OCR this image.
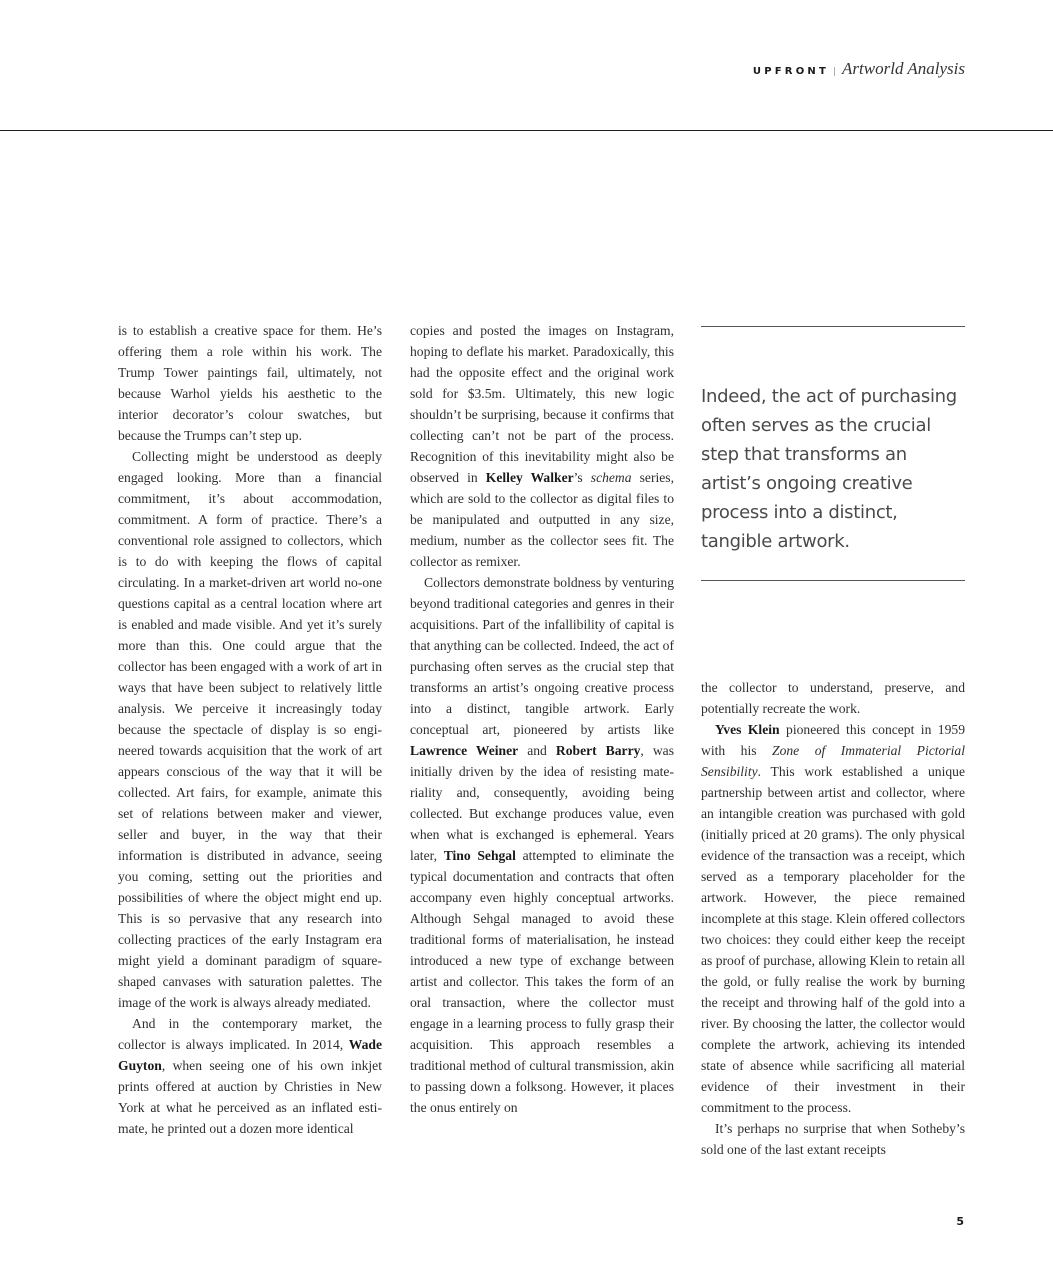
UPFRONT | Artworld Analysis

is to establish a creative space for them. He’s offering them a role within his work. The Trump Tower paintings fail, ultimately, not because Warhol yields his aesthetic to the interior decorator’s colour swatches, but because the Trumps can’t step up.

Collecting might be understood as deeply engaged looking. More than a financial commitment, it’s about accommodation, commitment. A form of practice. There’s a conventional role assigned to collectors, which is to do with keeping the flows of capital circulating. In a market-driven art world no-one questions capital as a central location where art is enabled and made visible. And yet it’s surely more than this. One could argue that the collector has been engaged with a work of art in ways that have been subject to relatively little analysis. We perceive it increasingly today because the spectacle of display is so engineered towards acquisition that the work of art appears conscious of the way that it will be collected. Art fairs, for example, animate this set of relations between maker and viewer, seller and buyer, in the way that their information is distributed in advance, seeing you coming, setting out the priorities and possibilities of where the object might end up. This is so pervasive that any research into collecting practices of the early Instagram era might yield a dominant paradigm of square-shaped canvases with saturation palettes. The image of the work is always already mediated.

And in the contemporary market, the collector is always implicated. In 2014, Wade Guyton, when seeing one of his own inkjet prints offered at auction by Christies in New York at what he perceived as an inflated estimate, he printed out a dozen more identical

copies and posted the images on Instagram, hoping to deflate his market. Paradoxically, this had the opposite effect and the original work sold for $3.5m. Ultimately, this new logic shouldn’t be surprising, because it confirms that collecting can’t not be part of the process. Recognition of this inevitability might also be observed in Kelley Walker’s schema series, which are sold to the collector as digital files to be manipulated and outputted in any size, medium, number as the collector sees fit. The collector as remixer.

Collectors demonstrate boldness by venturing beyond traditional categories and genres in their acquisitions. Part of the infallibility of capital is that anything can be collected. Indeed, the act of purchasing often serves as the crucial step that transforms an artist’s ongoing creative process into a distinct, tangible artwork. Early conceptual art, pioneered by artists like Lawrence Weiner and Robert Barry, was initially driven by the idea of resisting materiality and, consequently, avoiding being collected. But exchange produces value, even when what is exchanged is ephemeral. Years later, Tino Sehgal attempted to eliminate the typical documentation and contracts that often accompany even highly conceptual artworks. Although Sehgal managed to avoid these traditional forms of materialisation, he instead introduced a new type of exchange between artist and collector. This takes the form of an oral transaction, where the collector must engage in a learning process to fully grasp their acquisition. This approach resembles a traditional method of cultural transmission, akin to passing down a folksong. However, it places the onus entirely on

Indeed, the act of purchasing often serves as the crucial step that transforms an artist’s ongoing creative process into a distinct, tangible artwork.

the collector to understand, preserve, and potentially recreate the work.

Yves Klein pioneered this concept in 1959 with his Zone of Immaterial Pictorial Sensibility. This work established a unique partnership between artist and collector, where an intangible creation was purchased with gold (initially priced at 20 grams). The only physical evidence of the transaction was a receipt, which served as a temporary placeholder for the artwork. However, the piece remained incomplete at this stage. Klein offered collectors two choices: they could either keep the receipt as proof of purchase, allowing Klein to retain all the gold, or fully realise the work by burning the receipt and throwing half of the gold into a river. By choosing the latter, the collector would complete the artwork, achieving its intended state of absence while sacrificing all material evidence of their investment in their commitment to the process.

It’s perhaps no surprise that when Sotheby’s sold one of the last extant receipts

5
